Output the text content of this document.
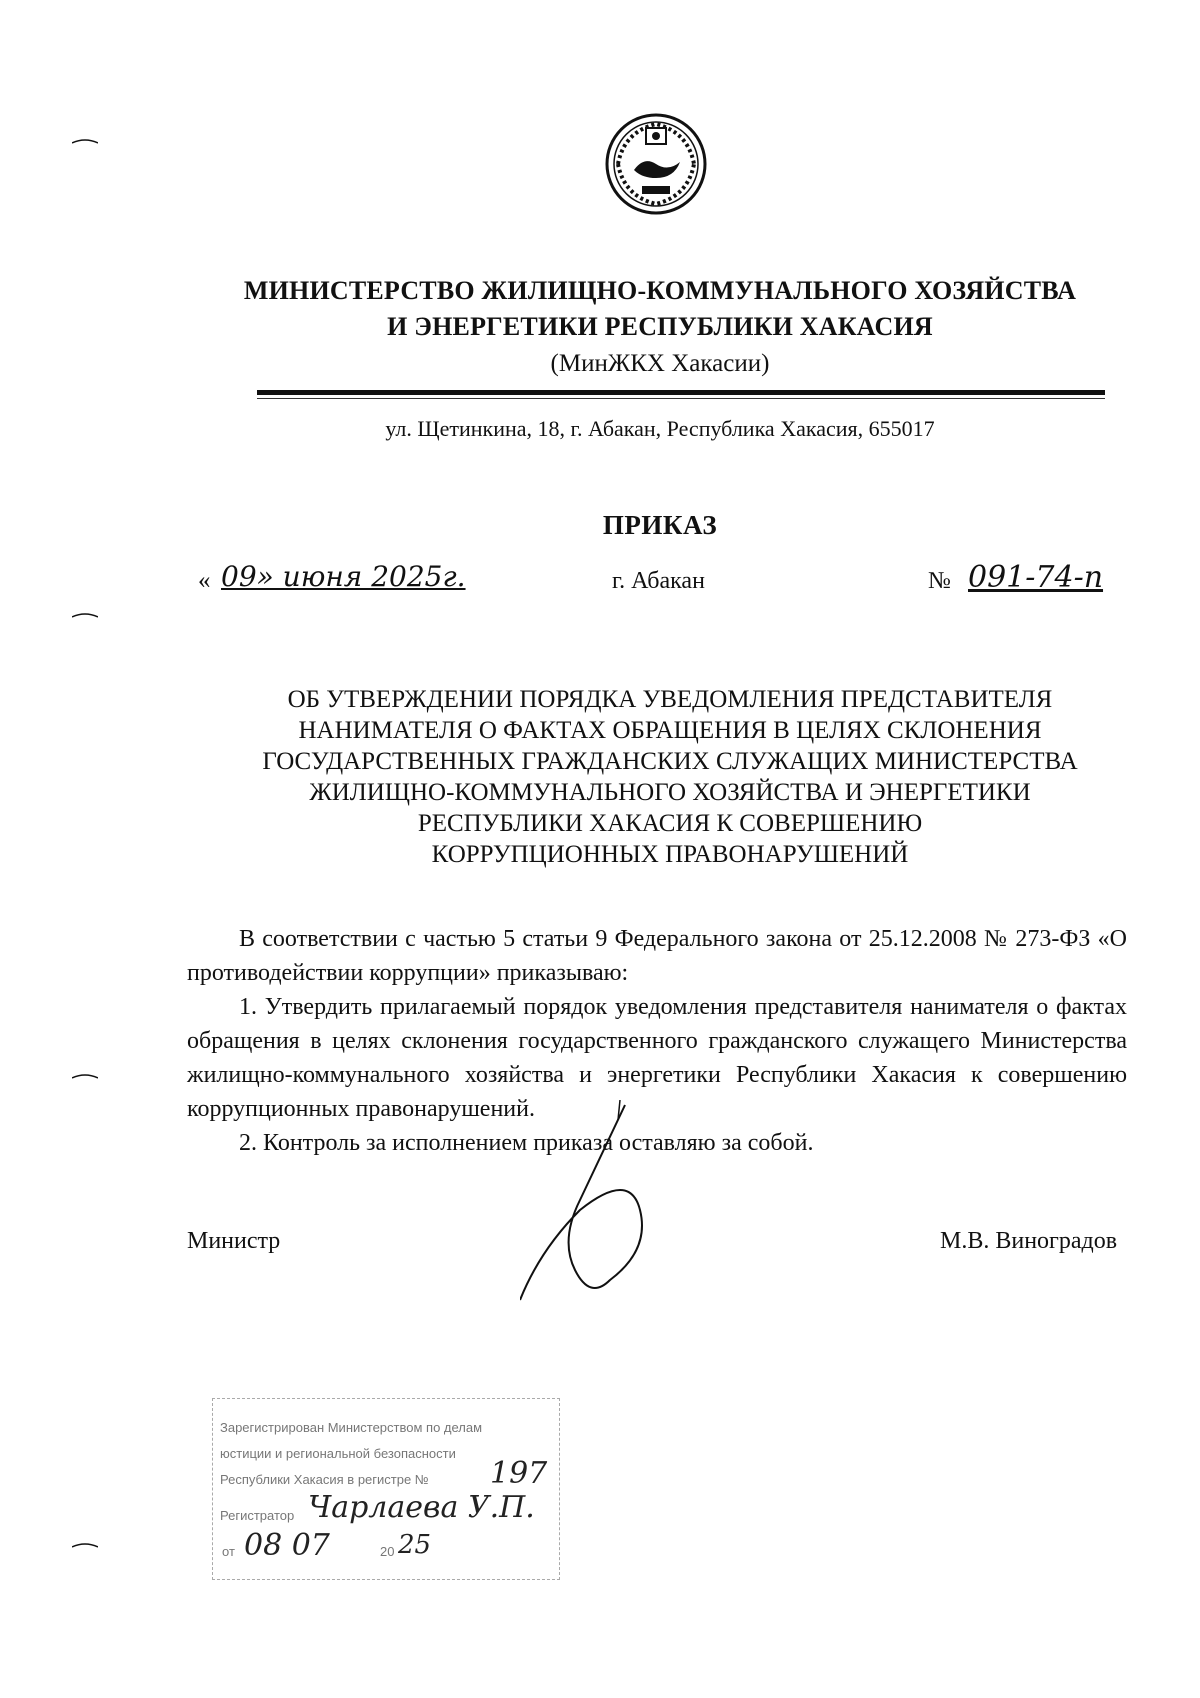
МИНИСТЕРСТВО ЖИЛИЩНО-КОММУНАЛЬНОГО ХОЗЯЙСТВА
И ЭНЕРГЕТИКИ РЕСПУБЛИКИ ХАКАСИЯ
(МинЖКХ Хакасии)
ул. Щетинкина, 18, г. Абакан, Республика Хакасия, 655017
ПРИКАЗ
« 09» июня 2025г.	г. Абакан	№ 091-74-п
ОБ УТВЕРЖДЕНИИ ПОРЯДКА УВЕДОМЛЕНИЯ ПРЕДСТАВИТЕЛЯ
НАНИМАТЕЛЯ О ФАКТАХ ОБРАЩЕНИЯ В ЦЕЛЯХ СКЛОНЕНИЯ
ГОСУДАРСТВЕННЫХ ГРАЖДАНСКИХ СЛУЖАЩИХ МИНИСТЕРСТВА
ЖИЛИЩНО-КОММУНАЛЬНОГО ХОЗЯЙСТВА И ЭНЕРГЕТИКИ
РЕСПУБЛИКИ ХАКАСИЯ К СОВЕРШЕНИЮ
КОРРУПЦИОННЫХ ПРАВОНАРУШЕНИЙ

В соответствии с частью 5 статьи 9 Федерального закона от 25.12.2008 № 273-ФЗ «О противодействии коррупции» приказываю:

1. Утвердить прилагаемый порядок уведомления представителя нанимателя о фактах обращения в целях склонения государственного гражданского служащего Министерства жилищно-коммунального хозяйства и энергетики Республики Хакасия к совершению коррупционных правонарушений.

2. Контроль за исполнением приказа оставляю за собой.

Министр	М.В. Виноградов
Зарегистрирован Министерством по делам
юстиции и региональной безопасности
Республики Хакасия в регистре № 197
Регистратор Чарлаева У.П.
от 08 07	20 25
